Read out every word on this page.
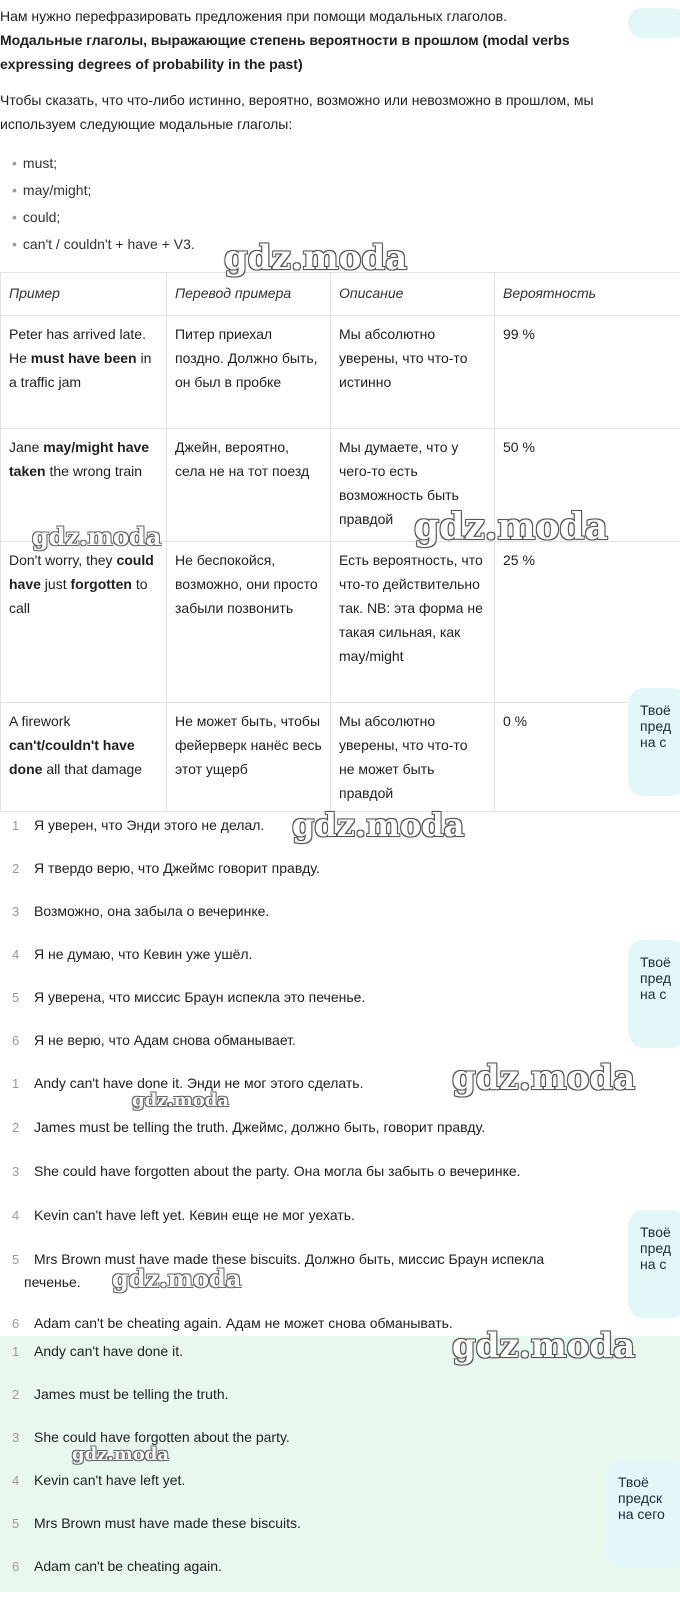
Нам нужно перефразировать предложения при помощи модальных глаголов.

Модальные глаголы, выражающие степень вероятности в прошлом (modal verbs expressing degrees of probability in the past)

Чтобы сказать, что что-либо истинно, вероятно, возможно или невозможно в прошлом, мы используем следующие модальные глаголы:

• must;
• may/might;
• could;
• can't / couldn't + have + V3.
Пример	Перевод примера	Описание	Вероятность
Peter has arrived late. He must have been in a traffic jam	Питер приехал поздно. Должно быть, он был в пробке	Мы абсолютно уверены, что что-то истинно	99 %
Jane may/might have taken the wrong train	Джейн, вероятно, села не на тот поезд	Мы думаете, что у чего-то есть возможность быть правдой	50 %
Don't worry, they could have just forgotten to call	Не беспокойся, возможно, они просто забыли позвонить	Есть вероятность, что что-то действительно так. NB: эта форма не такая сильная, как may/might	25 %
A firework can't/couldn't have done all that damage	Не может быть, чтобы фейерверк нанёс весь этот ущерб	Мы абсолютно уверены, что что-то не может быть правдой	0 %
1 Я уверен, что Энди этого не делал.
2 Я твердо верю, что Джеймс говорит правду.
3 Возможно, она забыла о вечеринке.
4 Я не думаю, что Кевин уже ушёл.
5 Я уверена, что миссис Браун испекла это печенье.
6 Я не верю, что Адам снова обманывает.
1 Andy can't have done it. Энди не мог этого сделать.
2 James must be telling the truth. Джеймс, должно быть, говорит правду.
3 She could have forgotten about the party. Она могла бы забыть о вечеринке.
4 Kevin can't have left yet. Кевин еще не мог уехать.
5 Mrs Brown must have made these biscuits. Должно быть, миссис Браун испекла
печенье.
6 Adam can't be cheating again. Адам не может снова обманывать.
1 Andy can't have done it.
2 James must be telling the truth.
3 She could have forgotten about the party.
4 Kevin can't have left yet.
5 Mrs Brown must have made these biscuits.
6 Adam can't be cheating again.
Твоё
пред
на с
Твоё
пред
на с
Твоё
пред
на с
Твоё
предск
на сего
gdz.moda
gdz.moda	gdz.moda
gdz.moda
gdz.moda
gdz.moda
gdz.moda
gdz.moda
gdz.moda
